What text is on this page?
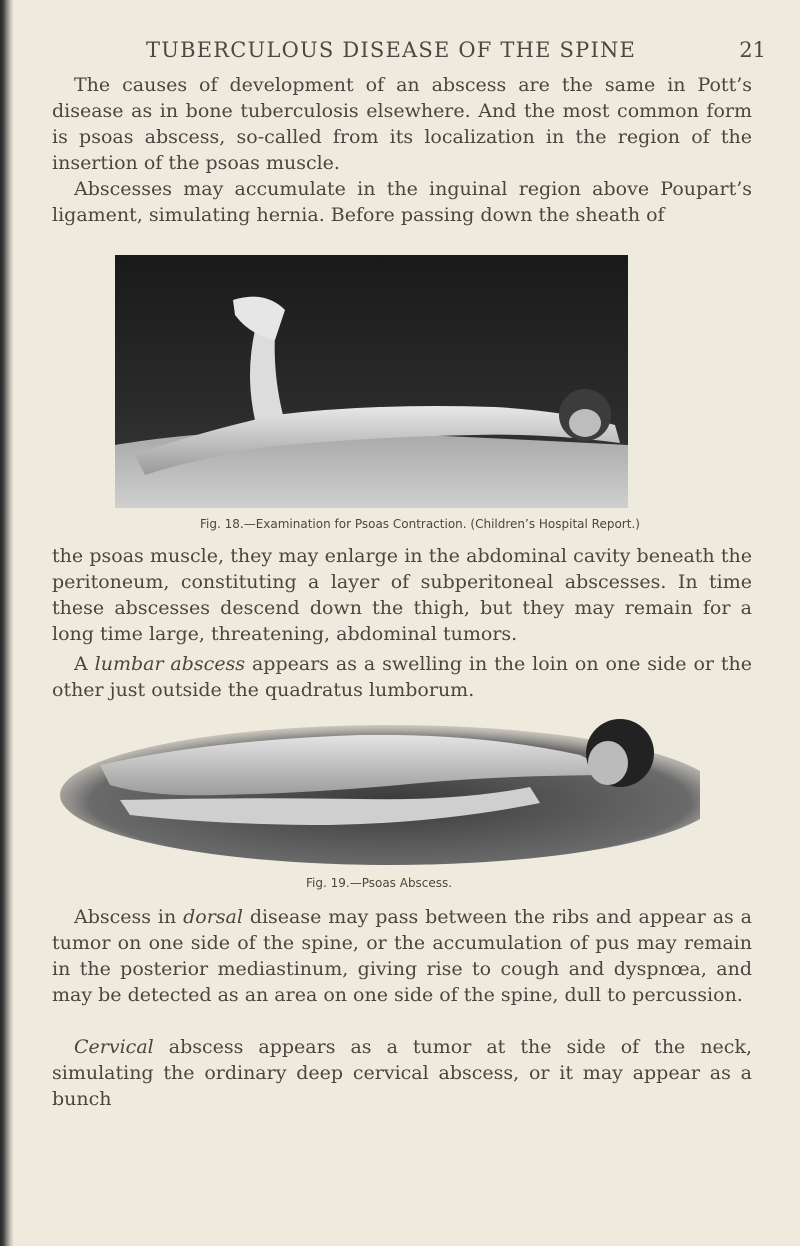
TUBERCULOUS DISEASE OF THE SPINE	21

The causes of development of an abscess are the same in Pott’s disease as in bone tuberculosis elsewhere. And the most common form is psoas abscess, so-called from its localization in the region of the insertion of the psoas muscle.

Abscesses may accumulate in the inguinal region above Poupart’s ligament, simulating hernia. Before passing down the sheath of

Fig. 18.—Examination for Psoas Contraction. (Children’s Hospital Report.)

the psoas muscle, they may enlarge in the abdominal cavity beneath the peritoneum, constituting a layer of subperitoneal abscesses. In time these abscesses descend down the thigh, but they may remain for a long time large, threatening, abdominal tumors.

A lumbar abscess appears as a swelling in the loin on one side or the other just outside the quadratus lumborum.

Fig. 19.—Psoas Abscess.

Abscess in dorsal disease may pass between the ribs and appear as a tumor on one side of the spine, or the accumulation of pus may remain in the posterior mediastinum, giving rise to cough and dyspnœa, and may be detected as an area on one side of the spine, dull to percussion.

Cervical abscess appears as a tumor at the side of the neck, simulating the ordinary deep cervical abscess, or it may appear as a bunch
